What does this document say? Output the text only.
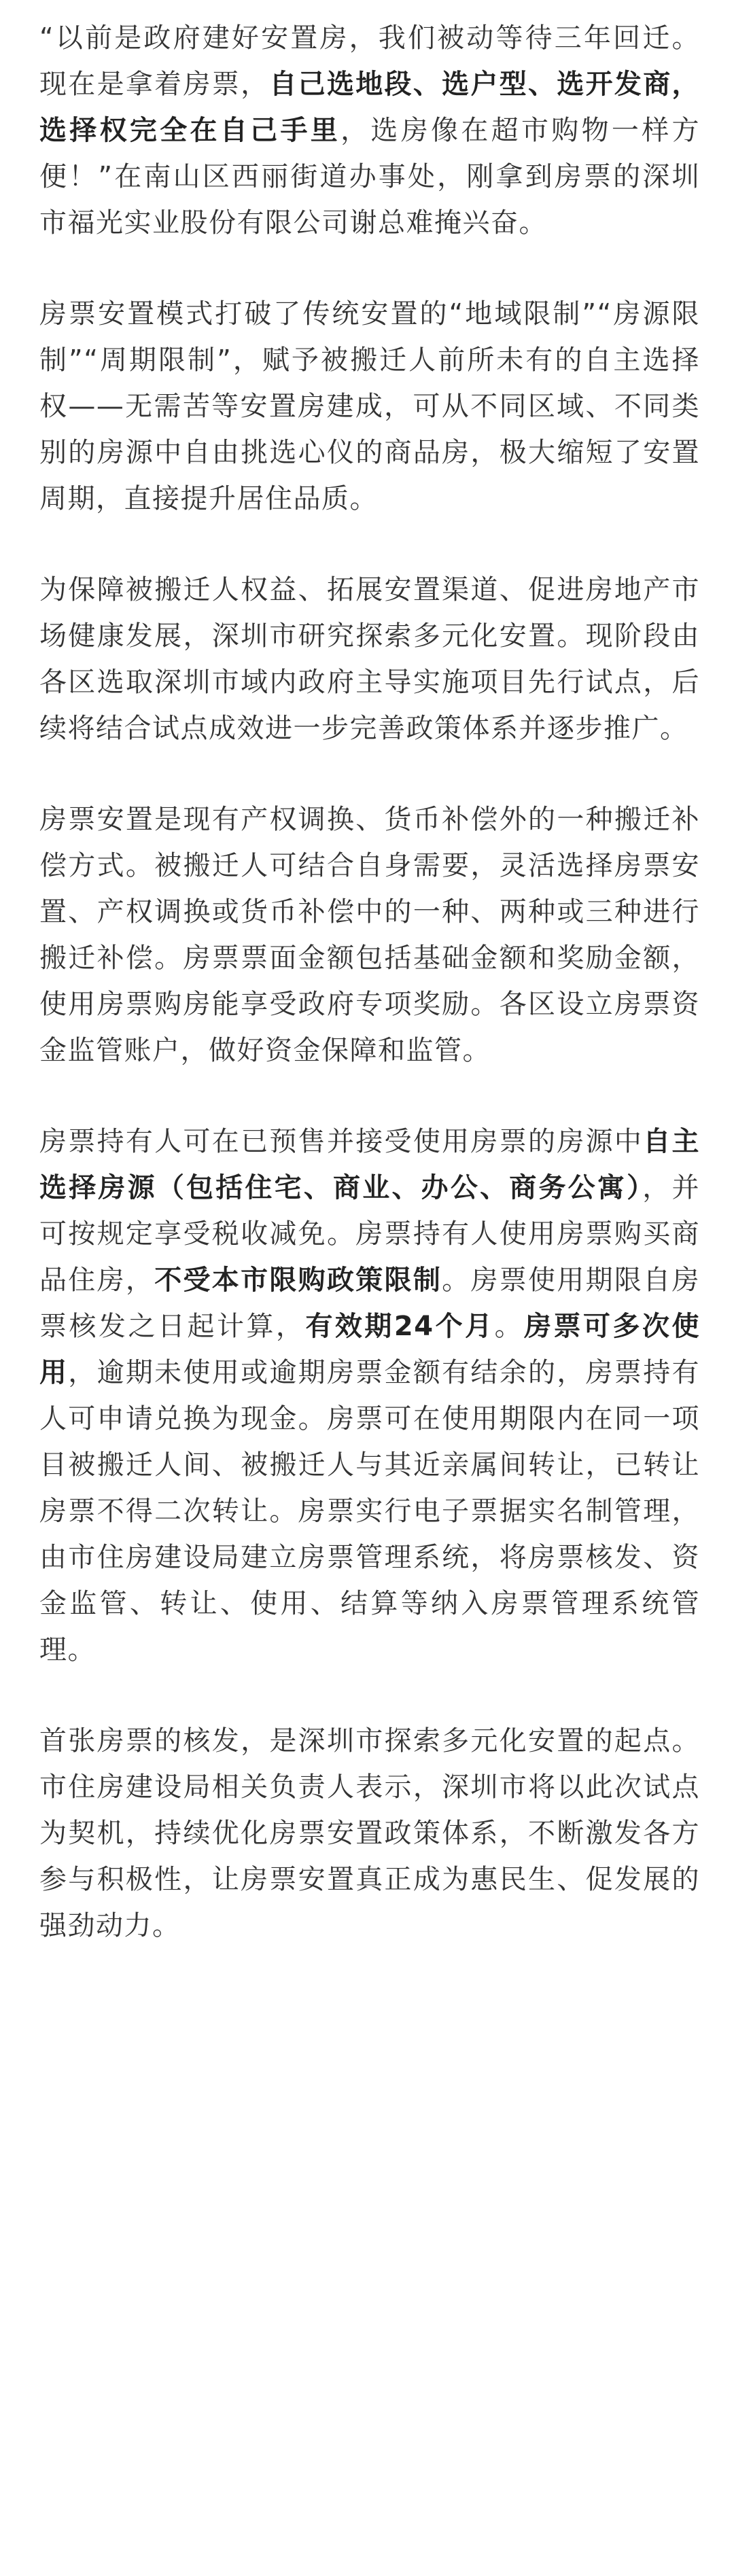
“以前是政府建好安置房，我们被动等待三年回迁。现在是拿着房票，自己选地段、选户型、选开发商，选择权完全在自己手里，选房像在超市购物一样方便！”在南山区西丽街道办事处，刚拿到房票的深圳市福光实业股份有限公司谢总难掩兴奋。

房票安置模式打破了传统安置的“地域限制”“房源限制”“周期限制”，赋予被搬迁人前所未有的自主选择权——无需苦等安置房建成，可从不同区域、不同类别的房源中自由挑选心仪的商品房，极大缩短了安置周期，直接提升居住品质。

为保障被搬迁人权益、拓展安置渠道、促进房地产市场健康发展，深圳市研究探索多元化安置。现阶段由各区选取深圳市域内政府主导实施项目先行试点，后续将结合试点成效进一步完善政策体系并逐步推广。

房票安置是现有产权调换、货币补偿外的一种搬迁补偿方式。被搬迁人可结合自身需要，灵活选择房票安置、产权调换或货币补偿中的一种、两种或三种进行搬迁补偿。房票票面金额包括基础金额和奖励金额，使用房票购房能享受政府专项奖励。各区设立房票资金监管账户，做好资金保障和监管。

房票持有人可在已预售并接受使用房票的房源中自主选择房源（包括住宅、商业、办公、商务公寓），并可按规定享受税收减免。房票持有人使用房票购买商品住房，不受本市限购政策限制。房票使用期限自房票核发之日起计算，有效期24个月。房票可多次使用，逾期未使用或逾期房票金额有结余的，房票持有人可申请兑换为现金。房票可在使用期限内在同一项目被搬迁人间、被搬迁人与其近亲属间转让，已转让房票不得二次转让。房票实行电子票据实名制管理，由市住房建设局建立房票管理系统，将房票核发、资金监管、转让、使用、结算等纳入房票管理系统管理。

首张房票的核发，是深圳市探索多元化安置的起点。市住房建设局相关负责人表示，深圳市将以此次试点为契机，持续优化房票安置政策体系，不断激发各方参与积极性，让房票安置真正成为惠民生、促发展的强劲动力。
